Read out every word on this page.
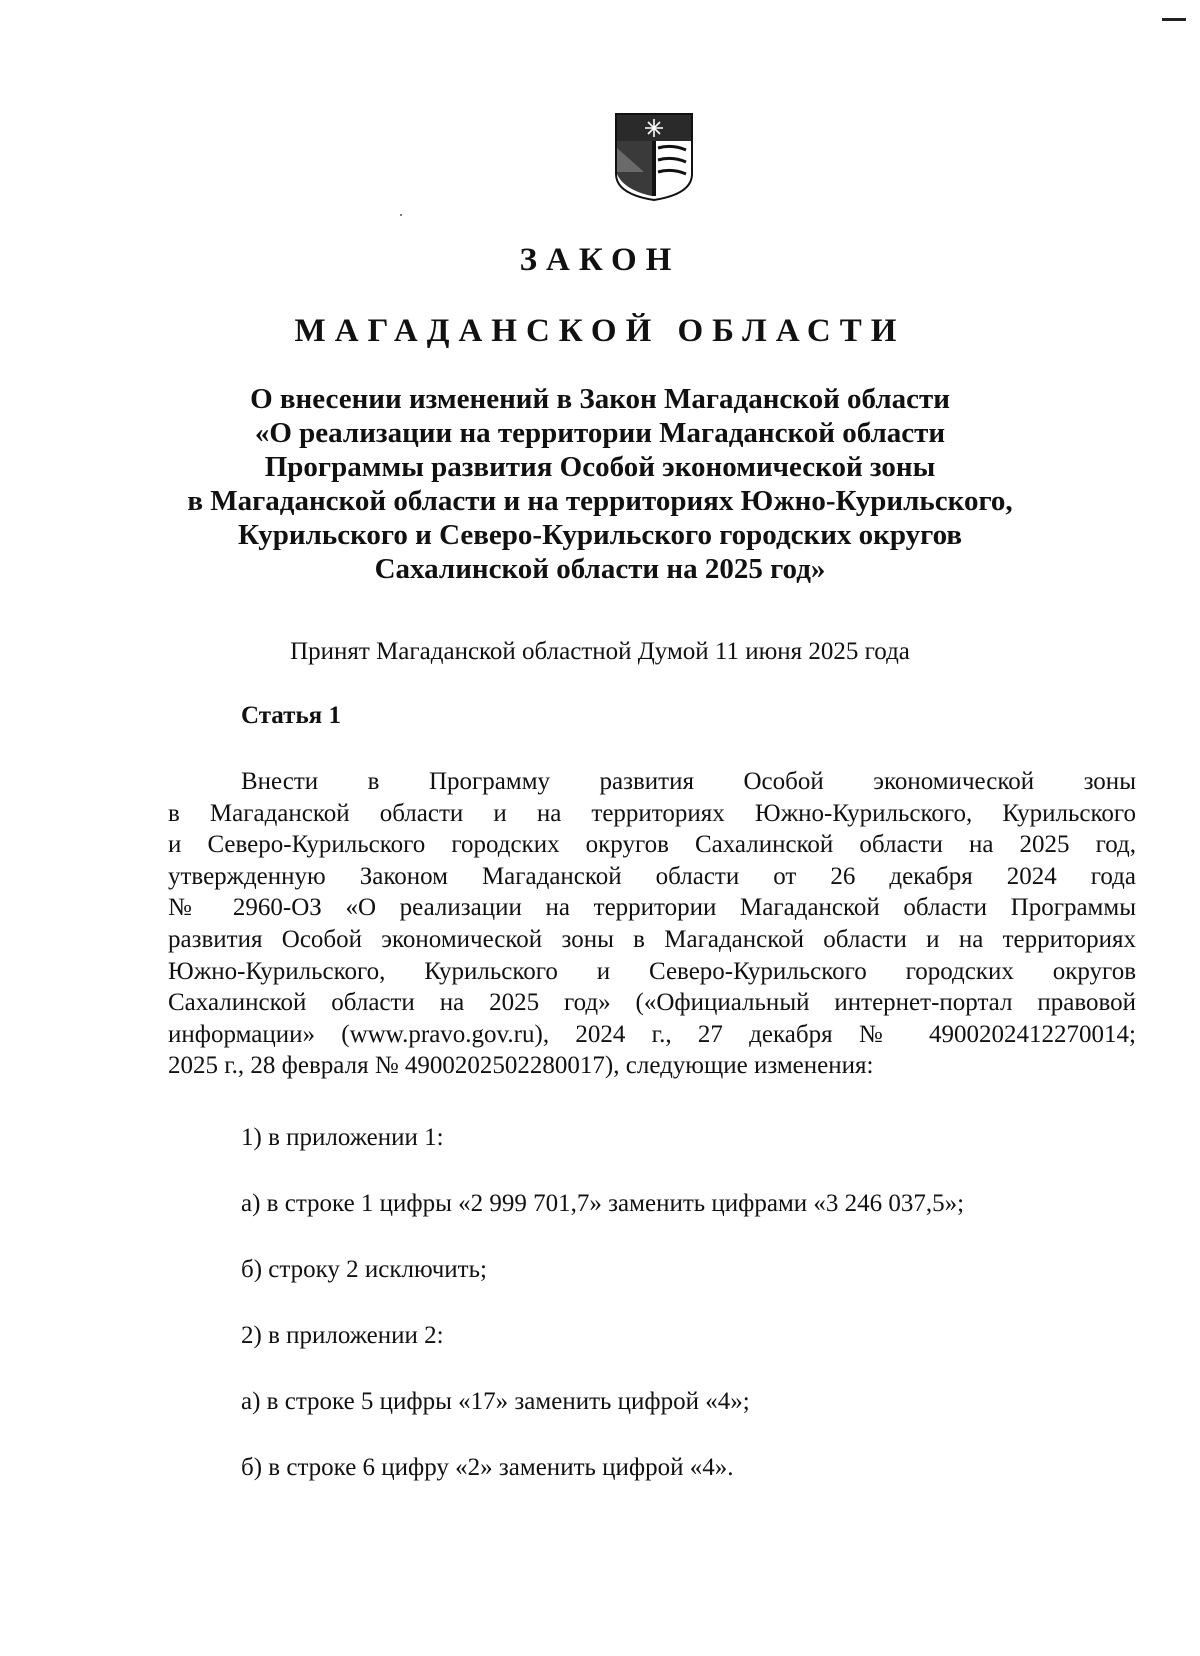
ЗАКОН
МАГАДАНСКОЙ ОБЛАСТИ
О внесении изменений в Закон Магаданской области
«О реализации на территории Магаданской области
Программы развития Особой экономической зоны
в Магаданской области и на территориях Южно-Курильского,
Курильского и Северо-Курильского городских округов
Сахалинской области на 2025 год»
Принят Магаданской областной Думой 11 июня 2025 года
Статья 1
Внести в Программу развития Особой экономической зоны
в Магаданской области и на территориях Южно-Курильского, Курильского
и Северо-Курильского городских округов Сахалинской области на 2025 год,
утвержденную Законом Магаданской области от 26 декабря 2024 года
№ 2960-ОЗ «О реализации на территории Магаданской области Программы
развития Особой экономической зоны в Магаданской области и на территориях
Южно-Курильского, Курильского и Северо-Курильского городских округов
Сахалинской области на 2025 год» («Официальный интернет-портал правовой
информации» (www.pravo.gov.ru), 2024 г., 27 декабря № 4900202412270014;
2025 г., 28 февраля № 4900202502280017), следующие изменения:
1) в приложении 1:
а) в строке 1 цифры «2 999 701,7» заменить цифрами «3 246 037,5»;
б) строку 2 исключить;
2) в приложении 2:
а) в строке 5 цифры «17» заменить цифрой «4»;
б) в строке 6 цифру «2» заменить цифрой «4».
